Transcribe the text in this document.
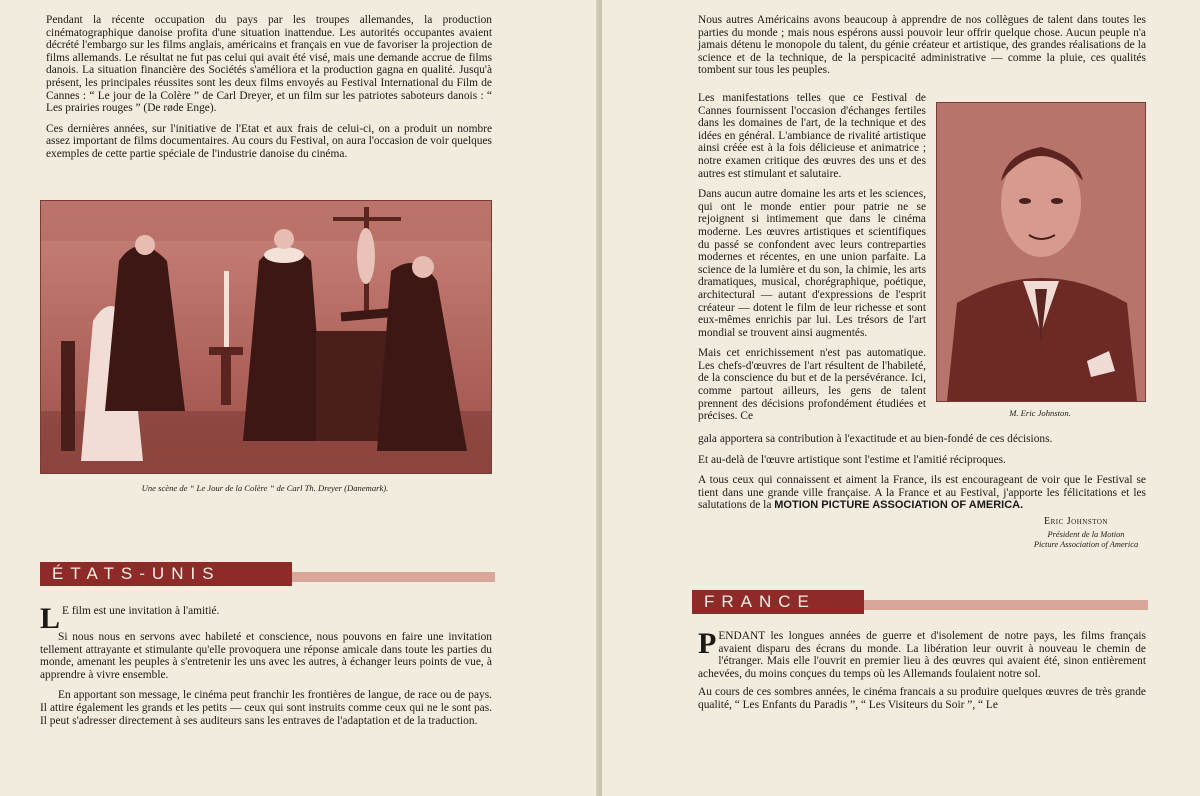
Pendant la récente occupation du pays par les troupes allemandes, la production cinématographique danoise profita d'une situation inattendue. Les autorités occupantes avaient décrété l'embargo sur les films anglais, américains et français en vue de favoriser la projection de films allemands. Le résultat ne fut pas celui qui avait été visé, mais une demande accrue de films danois. La situation financière des Sociétés s'améliora et la production gagna en qualité. Jusqu'à présent, les principales réussites sont les deux films envoyés au Festival International du Film de Cannes : “ Le jour de la Colère ” de Carl Dreyer, et un film sur les patriotes saboteurs danois : “ Les prairies rouges ” (De røde Enge).

Ces dernières années, sur l'initiative de l'Etat et aux frais de celui-ci, on a produit un nombre assez important de films documentaires. Au cours du Festival, on aura l'occasion de voir quelques exemples de cette partie spéciale de l'industrie danoise du cinéma.

Une scène de “ Le Jour de la Colère ” de Carl Th. Dreyer (Danemark).
ÉTATS-UNIS

L E film est une invitation à l'amitié.

Si nous nous en servons avec habileté et conscience, nous pouvons en faire une invitation tellement attrayante et stimulante qu'elle provoquera une réponse amicale dans toute les parties du monde, amenant les peuples à s'entretenir les uns avec les autres, à échanger leurs points de vue, à apprendre à vivre ensemble.

En apportant son message, le cinéma peut franchir les frontières de langue, de race ou de pays. Il attire également les grands et les petits — ceux qui sont instruits comme ceux qui ne le sont pas. Il peut s'adresser directement à ses auditeurs sans les entraves de l'adaptation et de la traduction.

Nous autres Américains avons beaucoup à apprendre de nos collègues de talent dans toutes les parties du monde ; mais nous espérons aussi pouvoir leur offrir quelque chose. Aucun peuple n'a jamais détenu le monopole du talent, du génie créateur et artistique, des grandes réalisations de la science et de la technique, de la perspicacité administrative — comme la pluie, ces qualités tombent sur tous les peuples.

Les manifestations telles que ce Festival de Cannes fournissent l'occasion d'échanges fertiles dans les domaines de l'art, de la technique et des idées en général. L'ambiance de rivalité artistique ainsi créée est à la fois délicieuse et animatrice ; notre examen critique des œuvres des uns et des autres est stimulant et salutaire.

Dans aucun autre domaine les arts et les sciences, qui ont le monde entier pour patrie ne se rejoignent si intimement que dans le cinéma moderne. Les œuvres artistiques et scientifiques du passé se confondent avec leurs contreparties modernes et récentes, en une union parfaite. La science de la lumière et du son, la chimie, les arts dramatiques, musical, chorégraphique, poétique, architectural — autant d'expressions de l'esprit créateur — dotent le film de leur richesse et sont eux-mêmes enrichis par lui. Les trésors de l'art mondial se trouvent ainsi augmentés.

Mais cet enrichissement n'est pas automatique. Les chefs-d'œuvres de l'art résultent de l'habileté, de la conscience du but et de la persévérance. Ici, comme partout ailleurs, les gens de talent prennent des décisions profondément étudiées et précises. Ce	M. Eric Johnston.

gala apportera sa contribution à l'exactitude et au bien-fondé de ces décisions.

Et au-delà de l'œuvre artistique sont l'estime et l'amitié réciproques.

A tous ceux qui connaissent et aiment la France, ils est encourageant de voir que le Festival se tient dans une grande ville française. A la France et au Festival, j'apporte les félicitations et les salutations de la MOTION PICTURE ASSOCIATION OF AMERICA.

Eric Johnston
Président de la Motion
Picture Association of America
FRANCE

PENDANT les longues années de guerre et d'isolement de notre pays, les films français avaient disparu des écrans du monde. La libération leur ouvrit à nouveau le chemin de l'étranger. Mais elle l'ouvrit en premier lieu à des œuvres qui avaient été, sinon entièrement achevées, du moins conçues du temps où les Allemands foulaient notre sol.

Au cours de ces sombres années, le cinéma francais a su produire quelques œuvres de très grande qualité, “ Les Enfants du Paradis ”, “ Les Visiteurs du Soir ”, “ Le
